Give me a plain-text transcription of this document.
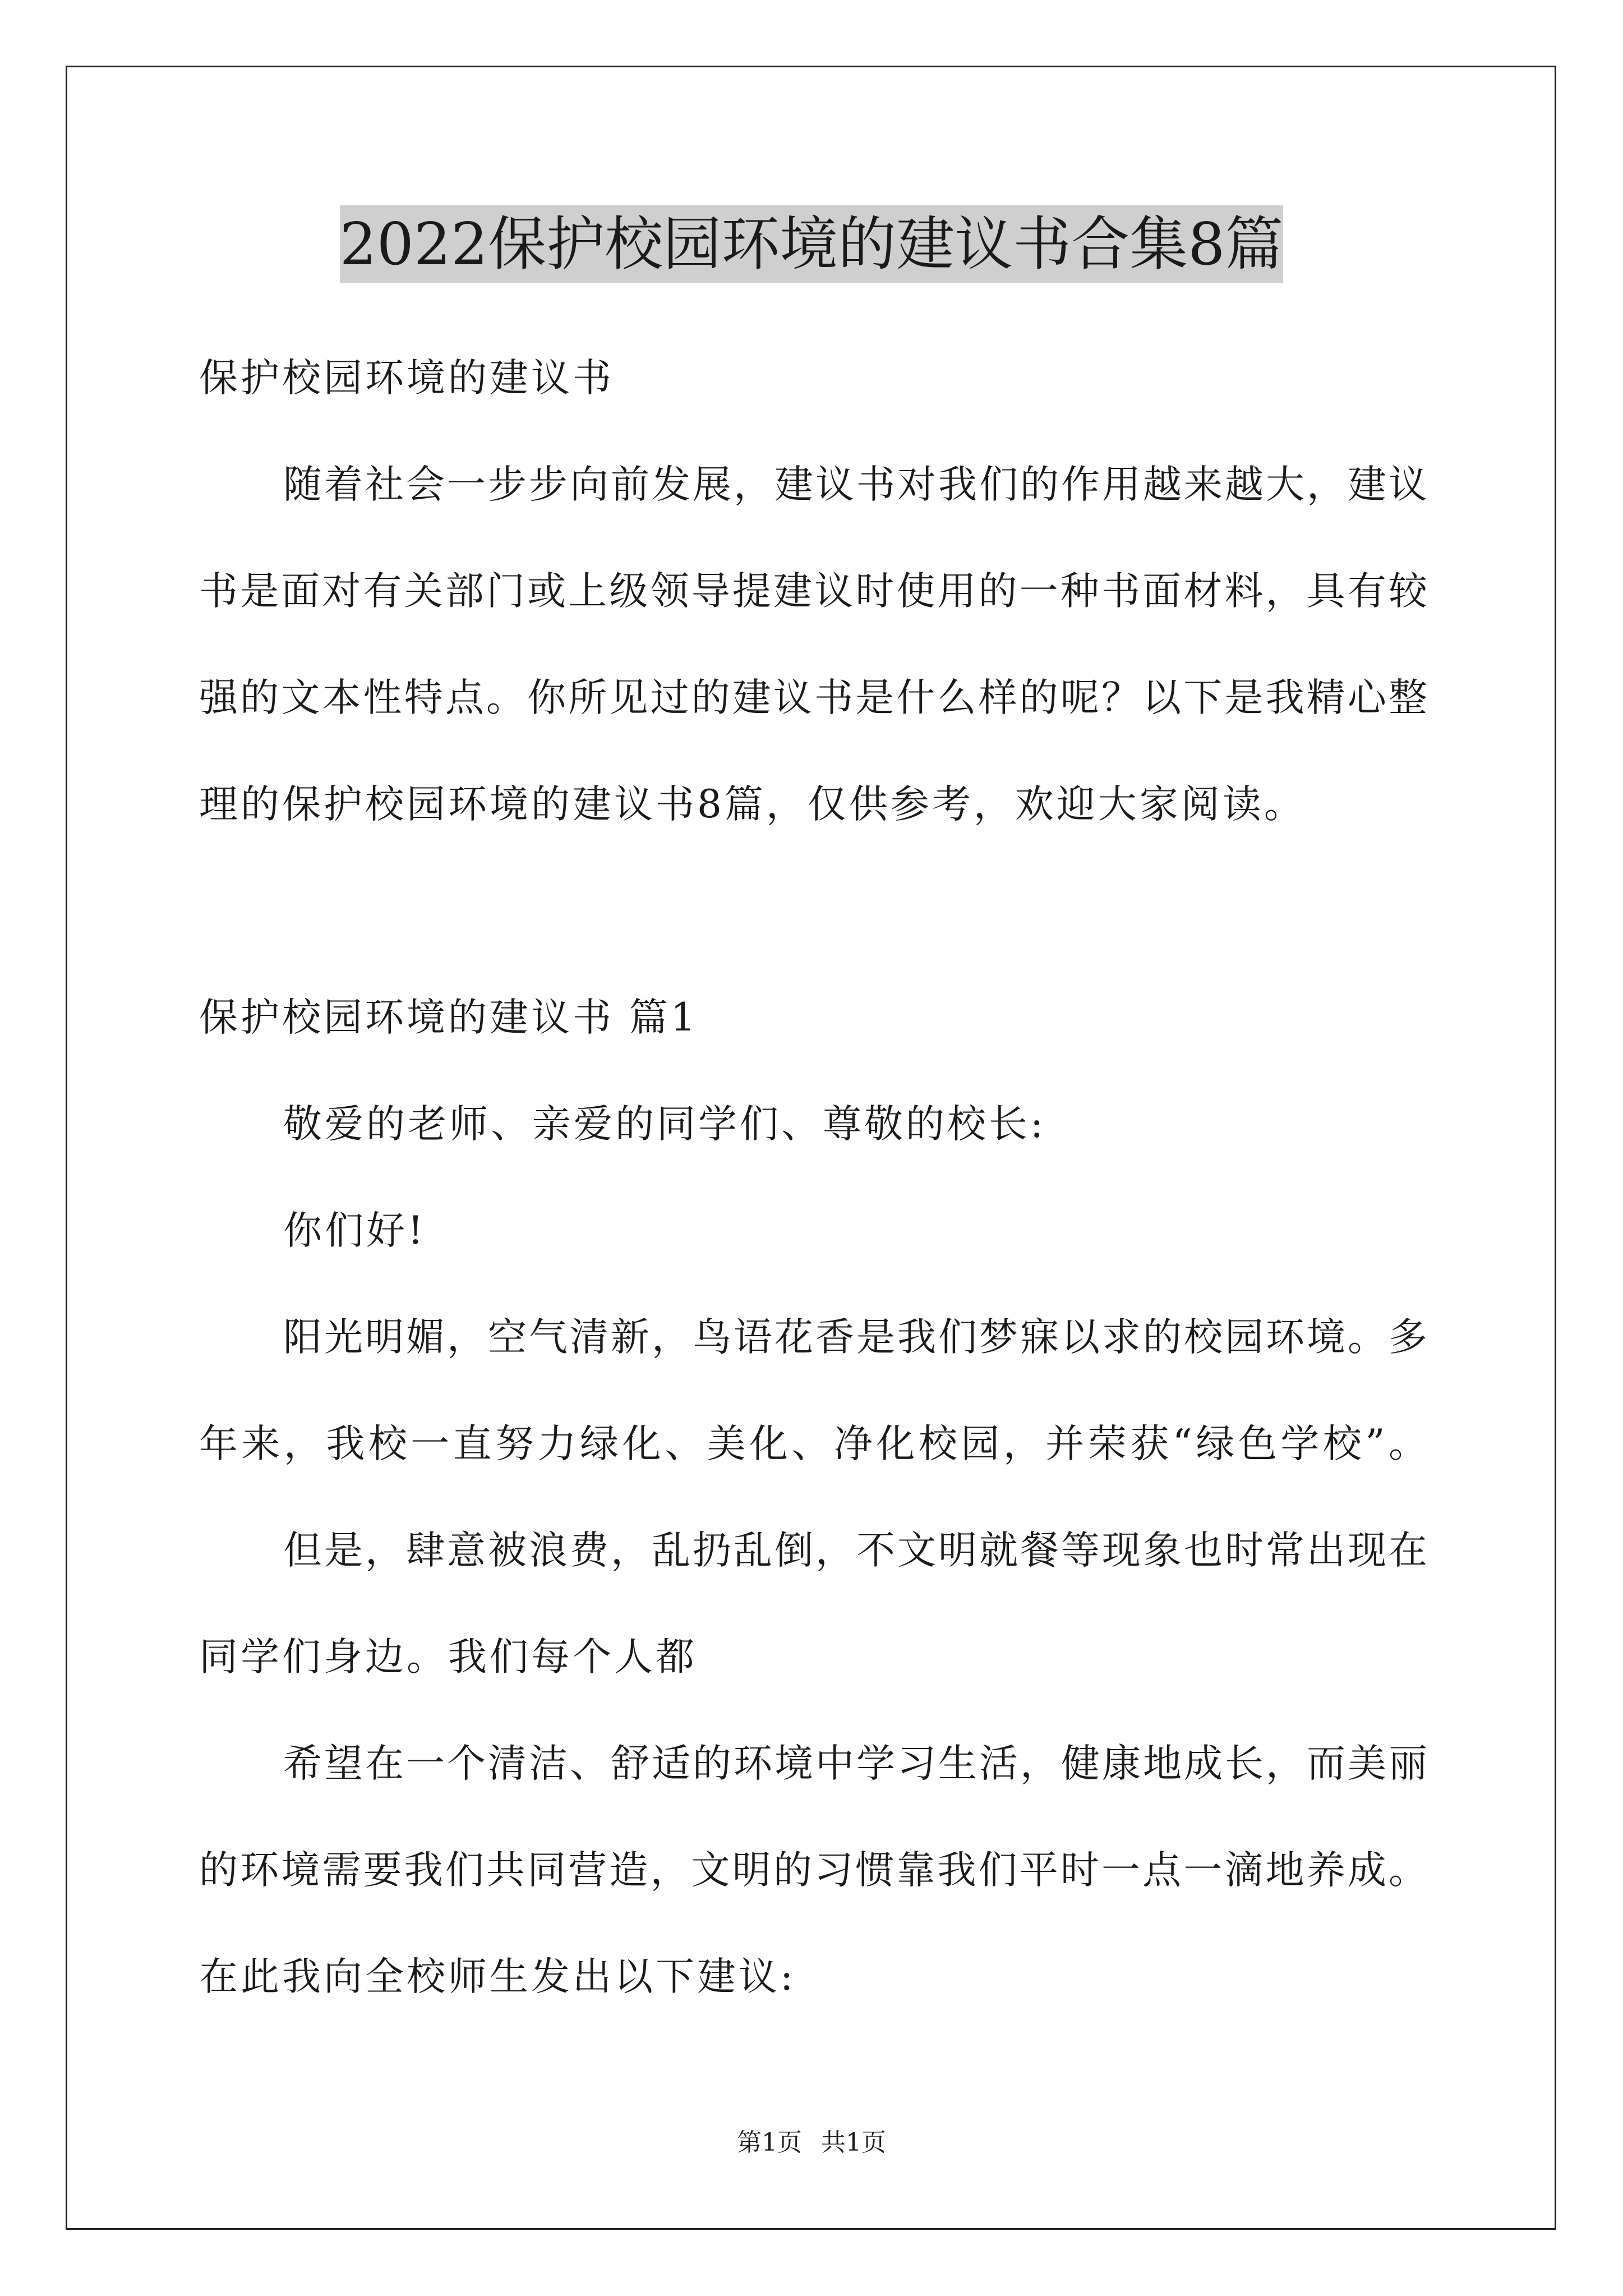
2022保护校园环境的建议书合集8篇
保护校园环境的建议书
随着社会一步步向前发展，建议书对我们的作用越来越大，建议
书是面对有关部门或上级领导提建议时使用的一种书面材料，具有较
强的文本性特点。你所见过的建议书是什么样的呢？以下是我精心整
理的保护校园环境的建议书8篇，仅供参考，欢迎大家阅读。
保护校园环境的建议书 篇1
敬爱的老师、亲爱的同学们、尊敬的校长:
你们好!
阳光明媚，空气清新，鸟语花香是我们梦寐以求的校园环境。多
年来，我校一直努力绿化、美化、净化校园，并荣获“绿色学校”。
但是，肆意被浪费，乱扔乱倒，不文明就餐等现象也时常出现在
同学们身边。我们每个人都
希望在一个清洁、舒适的环境中学习生活，健康地成长，而美丽
的环境需要我们共同营造，文明的习惯靠我们平时一点一滴地养成。
在此我向全校师生发出以下建议:
第1页 共1页
